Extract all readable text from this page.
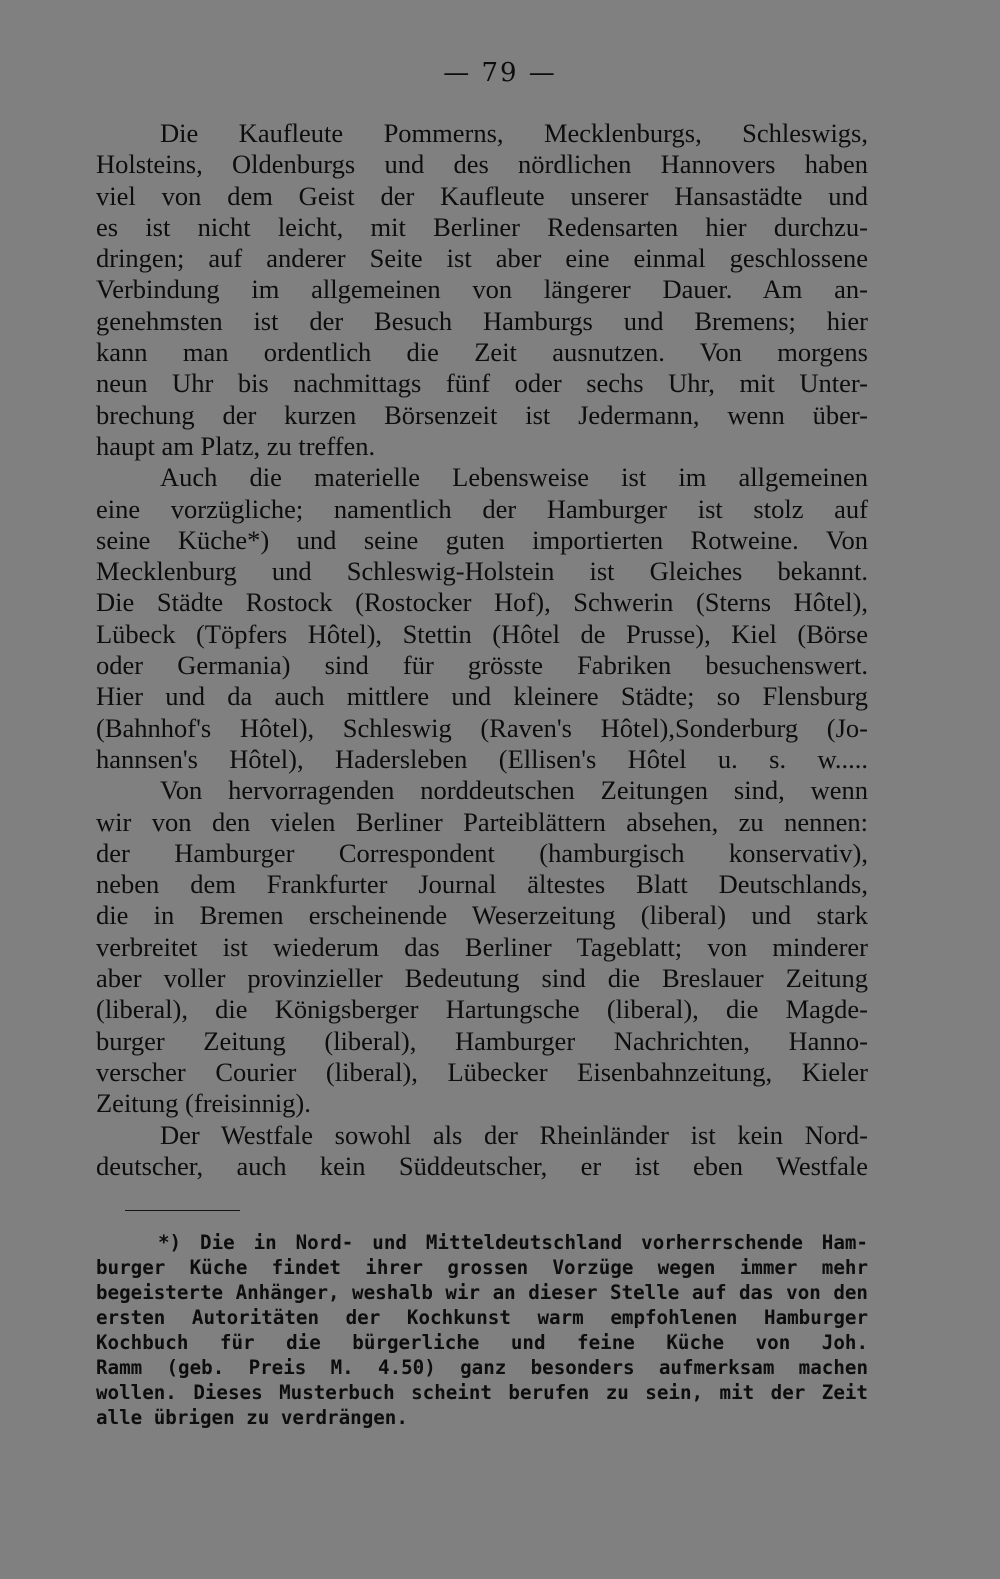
— 79 —
Die Kaufleute Pommerns, Mecklenburgs, Schleswigs,
Holsteins, Oldenburgs und des nördlichen Hannovers haben
viel von dem Geist der Kaufleute unserer Hansastädte und
es ist nicht leicht, mit Berliner Redensarten hier durchzu-
dringen; auf anderer Seite ist aber eine einmal geschlossene
Verbindung im allgemeinen von längerer Dauer. Am an-
genehmsten ist der Besuch Hamburgs und Bremens; hier
kann man ordentlich die Zeit ausnutzen. Von morgens
neun Uhr bis nachmittags fünf oder sechs Uhr, mit Unter-
brechung der kurzen Börsenzeit ist Jedermann, wenn über-
haupt am Platz, zu treffen.
Auch die materielle Lebensweise ist im allgemeinen
eine vorzügliche; namentlich der Hamburger ist stolz auf
seine Küche*) und seine guten importierten Rotweine. Von
Mecklenburg und Schleswig-Holstein ist Gleiches bekannt.
Die Städte Rostock (Rostocker Hof), Schwerin (Sterns Hôtel),
Lübeck (Töpfers Hôtel), Stettin (Hôtel de Prusse), Kiel (Börse
oder Germania) sind für grösste Fabriken besuchenswert.
Hier und da auch mittlere und kleinere Städte; so Flensburg
(Bahnhof's Hôtel), Schleswig (Raven's Hôtel),Sonderburg (Jo-
hannsen's Hôtel), Hadersleben (Ellisen's Hôtel u. s. w.....
Von hervorragenden norddeutschen Zeitungen sind, wenn
wir von den vielen Berliner Parteiblättern absehen, zu nennen:
der Hamburger Correspondent (hamburgisch konservativ),
neben dem Frankfurter Journal ältestes Blatt Deutschlands,
die in Bremen erscheinende Weserzeitung (liberal) und stark
verbreitet ist wiederum das Berliner Tageblatt; von minderer
aber voller provinzieller Bedeutung sind die Breslauer Zeitung
(liberal), die Königsberger Hartungsche (liberal), die Magde-
burger Zeitung (liberal), Hamburger Nachrichten, Hanno-
verscher Courier (liberal), Lübecker Eisenbahnzeitung, Kieler
Zeitung (freisinnig).
Der Westfale sowohl als der Rheinländer ist kein Nord-
deutscher, auch kein Süddeutscher, er ist eben Westfale
*) Die in Nord- und Mitteldeutschland vorherrschende Ham-
burger Küche findet ihrer grossen Vorzüge wegen immer mehr
begeisterte Anhänger, weshalb wir an dieser Stelle auf das von den
ersten Autoritäten der Kochkunst warm empfohlenen Hamburger
Kochbuch für die bürgerliche und feine Küche von Joh.
Ramm (geb. Preis M. 4.50) ganz besonders aufmerksam machen
wollen. Dieses Musterbuch scheint berufen zu sein, mit der Zeit
alle übrigen zu verdrängen.
